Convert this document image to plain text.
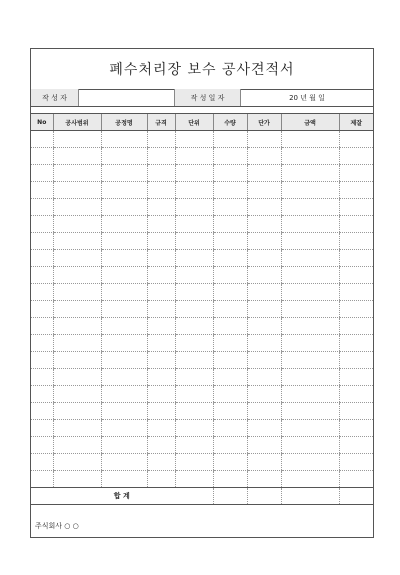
폐수처리장 보수 공사견적서
작 성 자	작 성 일 자	20 년 월 일
No	공사범위	공정명	규격	단위	수량	단가	금액	제잘

합 계								
주식회사 ○ ○
